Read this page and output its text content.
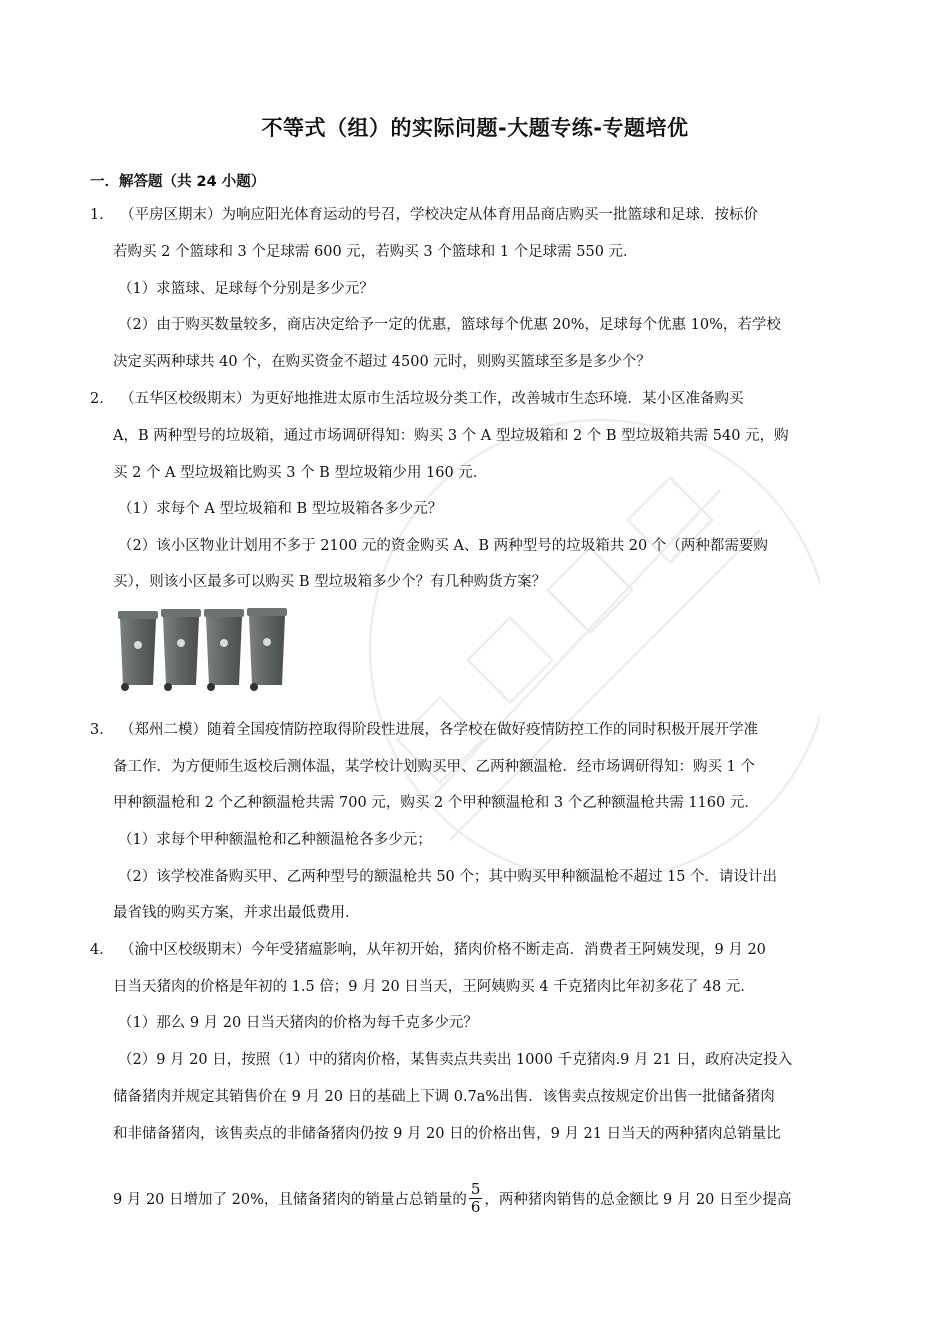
不等式（组）的实际问题-大题专练-专题培优
一．解答题（共 24 小题）
1． （平房区期末）为响应阳光体育运动的号召，学校决定从体育用品商店购买一批篮球和足球．按标价
若购买 2 个篮球和 3 个足球需 600 元，若购买 3 个篮球和 1 个足球需 550 元．
（1）求篮球、足球每个分别是多少元？
（2）由于购买数量较多，商店决定给予一定的优惠，篮球每个优惠 20%，足球每个优惠 10%，若学校
决定买两种球共 40 个，在购买资金不超过 4500 元时，则购买篮球至多是多少个？
2． （五华区校级期末）为更好地推进太原市生活垃圾分类工作，改善城市生态环境．某小区准备购买
A，B 两种型号的垃圾箱，通过市场调研得知：购买 3 个 A 型垃圾箱和 2 个 B 型垃圾箱共需 540 元，购
买 2 个 A 型垃圾箱比购买 3 个 B 型垃圾箱少用 160 元．
（1）求每个 A 型垃圾箱和 B 型垃圾箱各多少元？
（2）该小区物业计划用不多于 2100 元的资金购买 A、B 两种型号的垃圾箱共 20 个（两种都需要购
买），则该小区最多可以购买 B 型垃圾箱多少个？有几种购货方案？
3． （郑州二模）随着全国疫情防控取得阶段性进展，各学校在做好疫情防控工作的同时积极开展开学准
备工作．为方便师生返校后测体温，某学校计划购买甲、乙两种额温枪．经市场调研得知：购买 1 个
甲种额温枪和 2 个乙种额温枪共需 700 元，购买 2 个甲种额温枪和 3 个乙种额温枪共需 1160 元．
（1）求每个甲种额温枪和乙种额温枪各多少元；
（2）该学校准备购买甲、乙两种型号的额温枪共 50 个；其中购买甲种额温枪不超过 15 个．请设计出
最省钱的购买方案，并求出最低费用．
4． （渝中区校级期末）今年受猪瘟影响，从年初开始，猪肉价格不断走高．消费者王阿姨发现，9 月 20
日当天猪肉的价格是年初的 1.5 倍；9 月 20 日当天，王阿姨购买 4 千克猪肉比年初多花了 48 元．
（1）那么 9 月 20 日当天猪肉的价格为每千克多少元？
（2）9 月 20 日，按照（1）中的猪肉价格，某售卖点共卖出 1000 千克猪肉.9 月 21 日，政府决定投入
储备猪肉并规定其销售价在 9 月 20 日的基础上下调 0.7a%出售．该售卖点按规定价出售一批储备猪肉
和非储备猪肉，该售卖点的非储备猪肉仍按 9 月 20 日的价格出售，9 月 21 日当天的两种猪肉总销量比
9 月 20 日增加了 20%，且储备猪肉的销量占总销量的 $\frac{5}{6}$ ，两种猪肉销售的总金额比 9 月 20 日至少提高
